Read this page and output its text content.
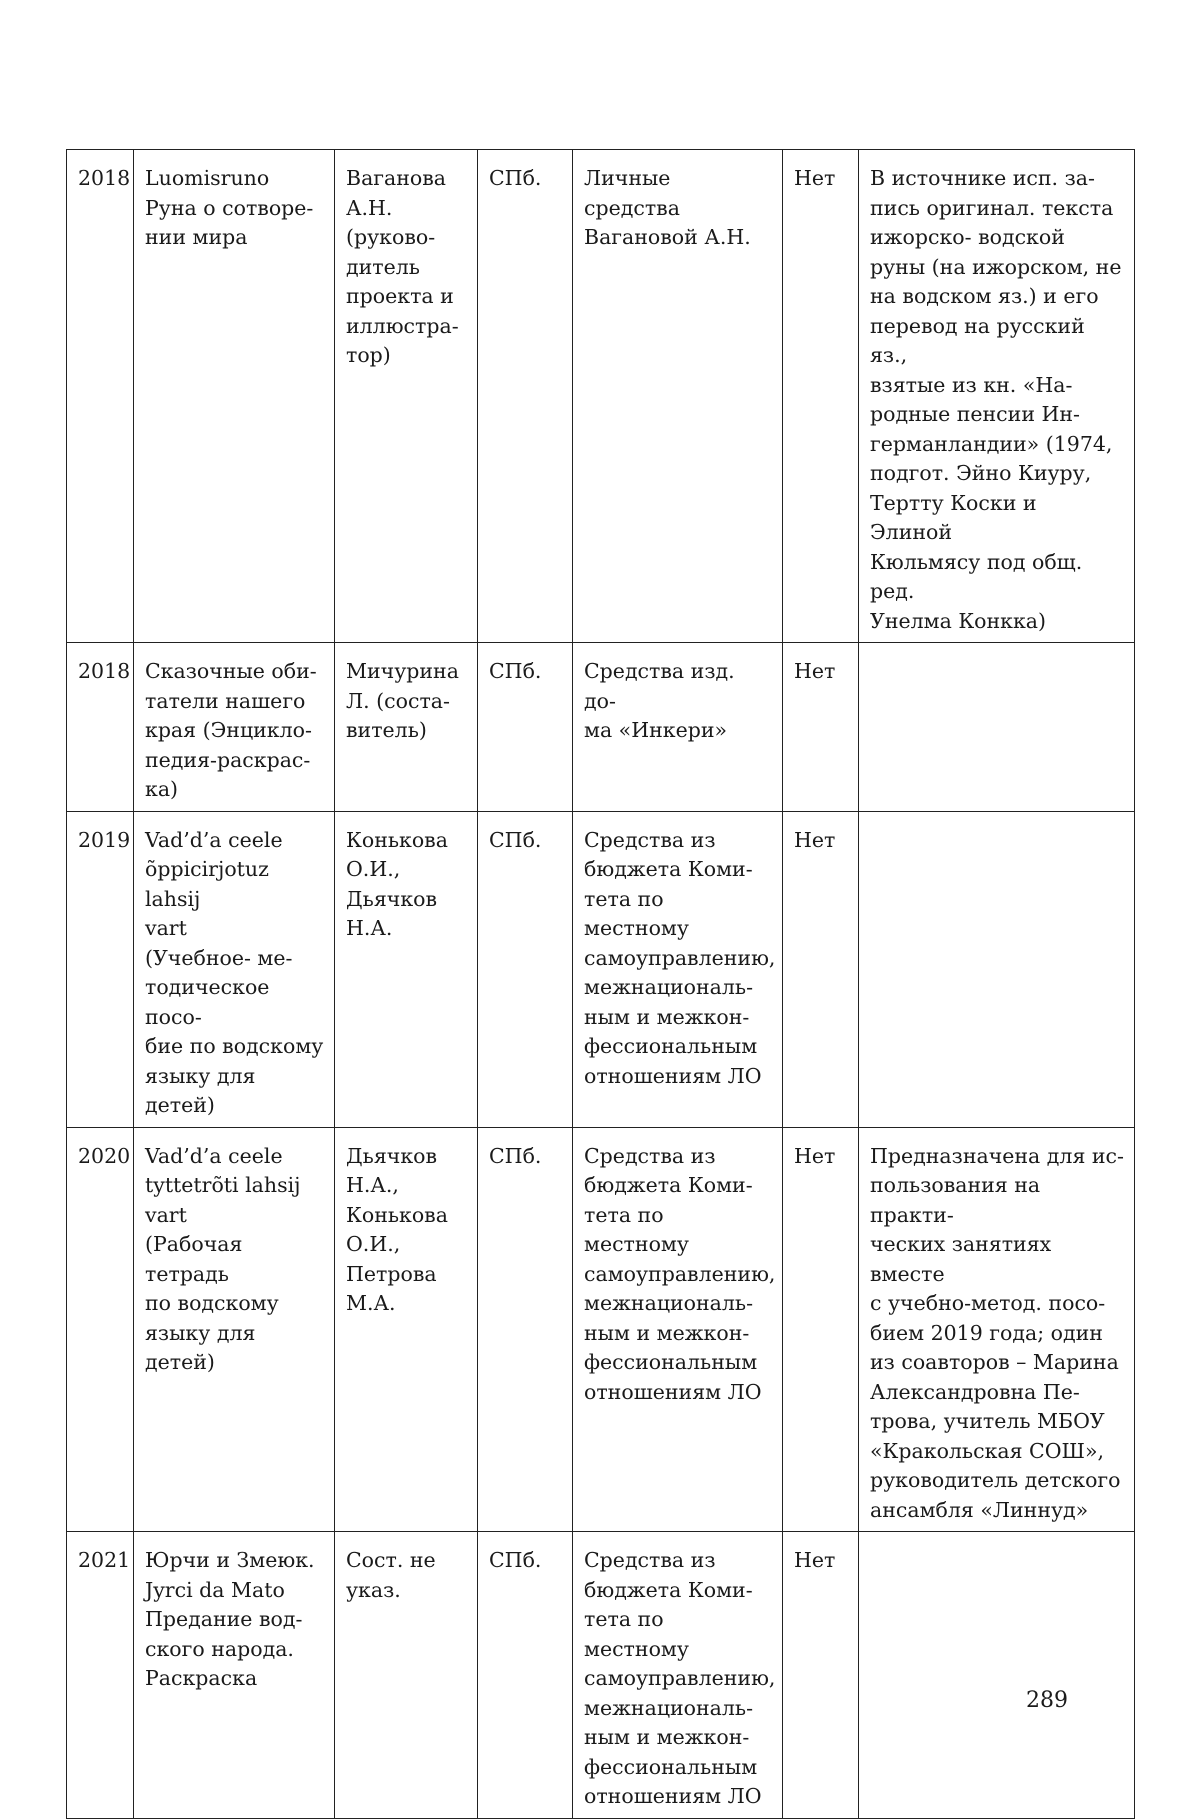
2018	Luomisruno
Руна о сотворе-
нии мира	Ваганова
А.Н.
(руково-
дитель
проекта и
иллюстра-
тор)	СПб.	Личные средства
Вагановой А.Н.	Нет	В источнике исп. за-
пись оригинал. текста
ижорско- водской
руны (на ижорском, не
на водском яз.) и его
перевод на русский яз.,
взятые из кн. «На-
родные пенсии Ин-
германландии» (1974,
подгот. Эйно Киуру,
Тертту Коски и Элиной
Кюльмясу под общ. ред.
Унелма Конкка)
2018	Сказочные оби-
татели нашего
края (Энцикло-
педия-раскрас-
ка)	Мичурина
Л. (соста-
витель)	СПб.	Средства изд. до-
ма «Инкери»	Нет	
2019	Vad’d’a ceele
õppicirjotuz lahsij
vart
(Учебное- ме-
тодическое посо-
бие по водскому
языку для детей)	Конькова
О.И.,
Дьячков
Н.А.	СПб.	Средства из
бюджета Коми-
тета по местному
самоуправлению,
межнациональ-
ным и межкон-
фессиональным
отношениям ЛО	Нет	
2020	Vad’d’a ceele
tyttetrõti lahsij
vart
(Рабочая тетрадь
по водскому
языку для детей)	Дьячков
Н.А.,
Конькова
О.И.,
Петрова
М.А.	СПб.	Средства из
бюджета Коми-
тета по местному
самоуправлению,
межнациональ-
ным и межкон-
фессиональным
отношениям ЛО	Нет	Предназначена для ис-
пользования на практи-
ческих занятиях вместе
с учебно-метод. посо-
бием 2019 года; один
из соавторов – Марина
Александровна Пе-
трова, учитель МБОУ
«Кракольская СОШ»,
руководитель детского
ансамбля «Линнуд»
2021	Юрчи и Змеюк.
Jyrci da Mato
Предание вод-
ского народа.
Раскраска	Сост. не
указ.	СПб.	Средства из
бюджета Коми-
тета по местному
самоуправлению,
межнациональ-
ным и межкон-
фессиональным
отношениям ЛО	Нет	
289
